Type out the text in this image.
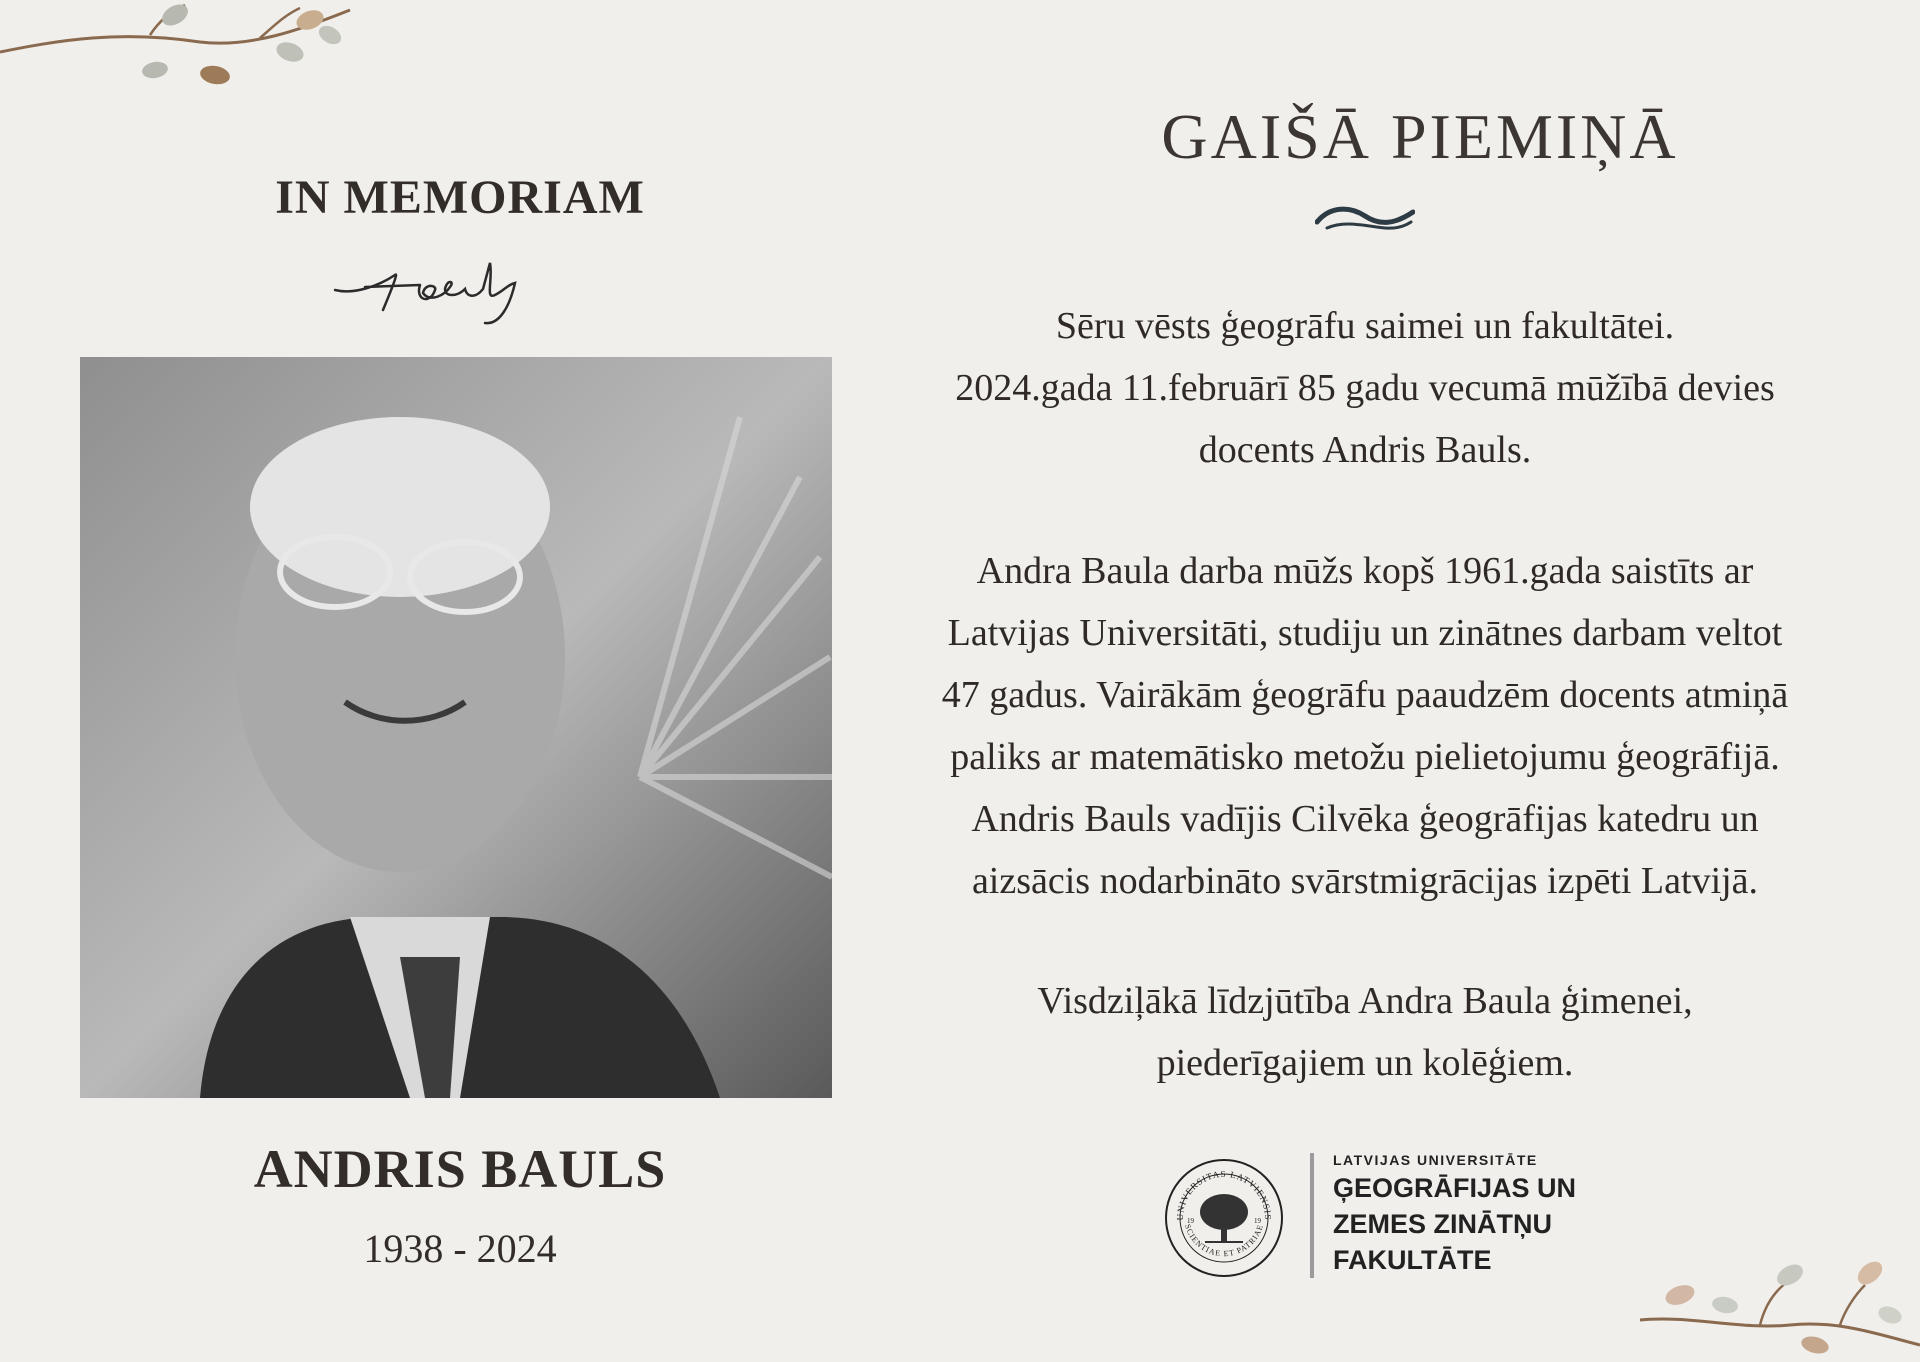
IN MEMORIAM
ANDRIS BAULS
1938 - 2024
GAIŠĀ PIEMIŅĀ
Sēru vēsts ģeogrāfu saimei un fakultātei.
2024.gada 11.februārī 85 gadu vecumā mūžībā devies
docents Andris Bauls.
Andra Baula darba mūžs kopš 1961.gada saistīts ar
Latvijas Universitāti, studiju un zinātnes darbam veltot
47 gadus. Vairākām ģeogrāfu paaudzēm docents atmiņā
paliks ar matemātisko metožu pielietojumu ģeogrāfijā.
Andris Bauls vadījis Cilvēka ģeogrāfijas katedru un
aizsācis nodarbināto svārstmigrācijas izpēti Latvijā.
Visdziļākā līdzjūtība Andra Baula ģimenei,
piederīgajiem un kolēģiem.
UNIVERSITAS LATVIENSIS
SCIENTIAE ET PATRIAE
19	19
LATVIJAS UNIVERSITĀTE
ĢEOGRĀFIJAS UN
ZEMES ZINĀTŅU
FAKULTĀTE
